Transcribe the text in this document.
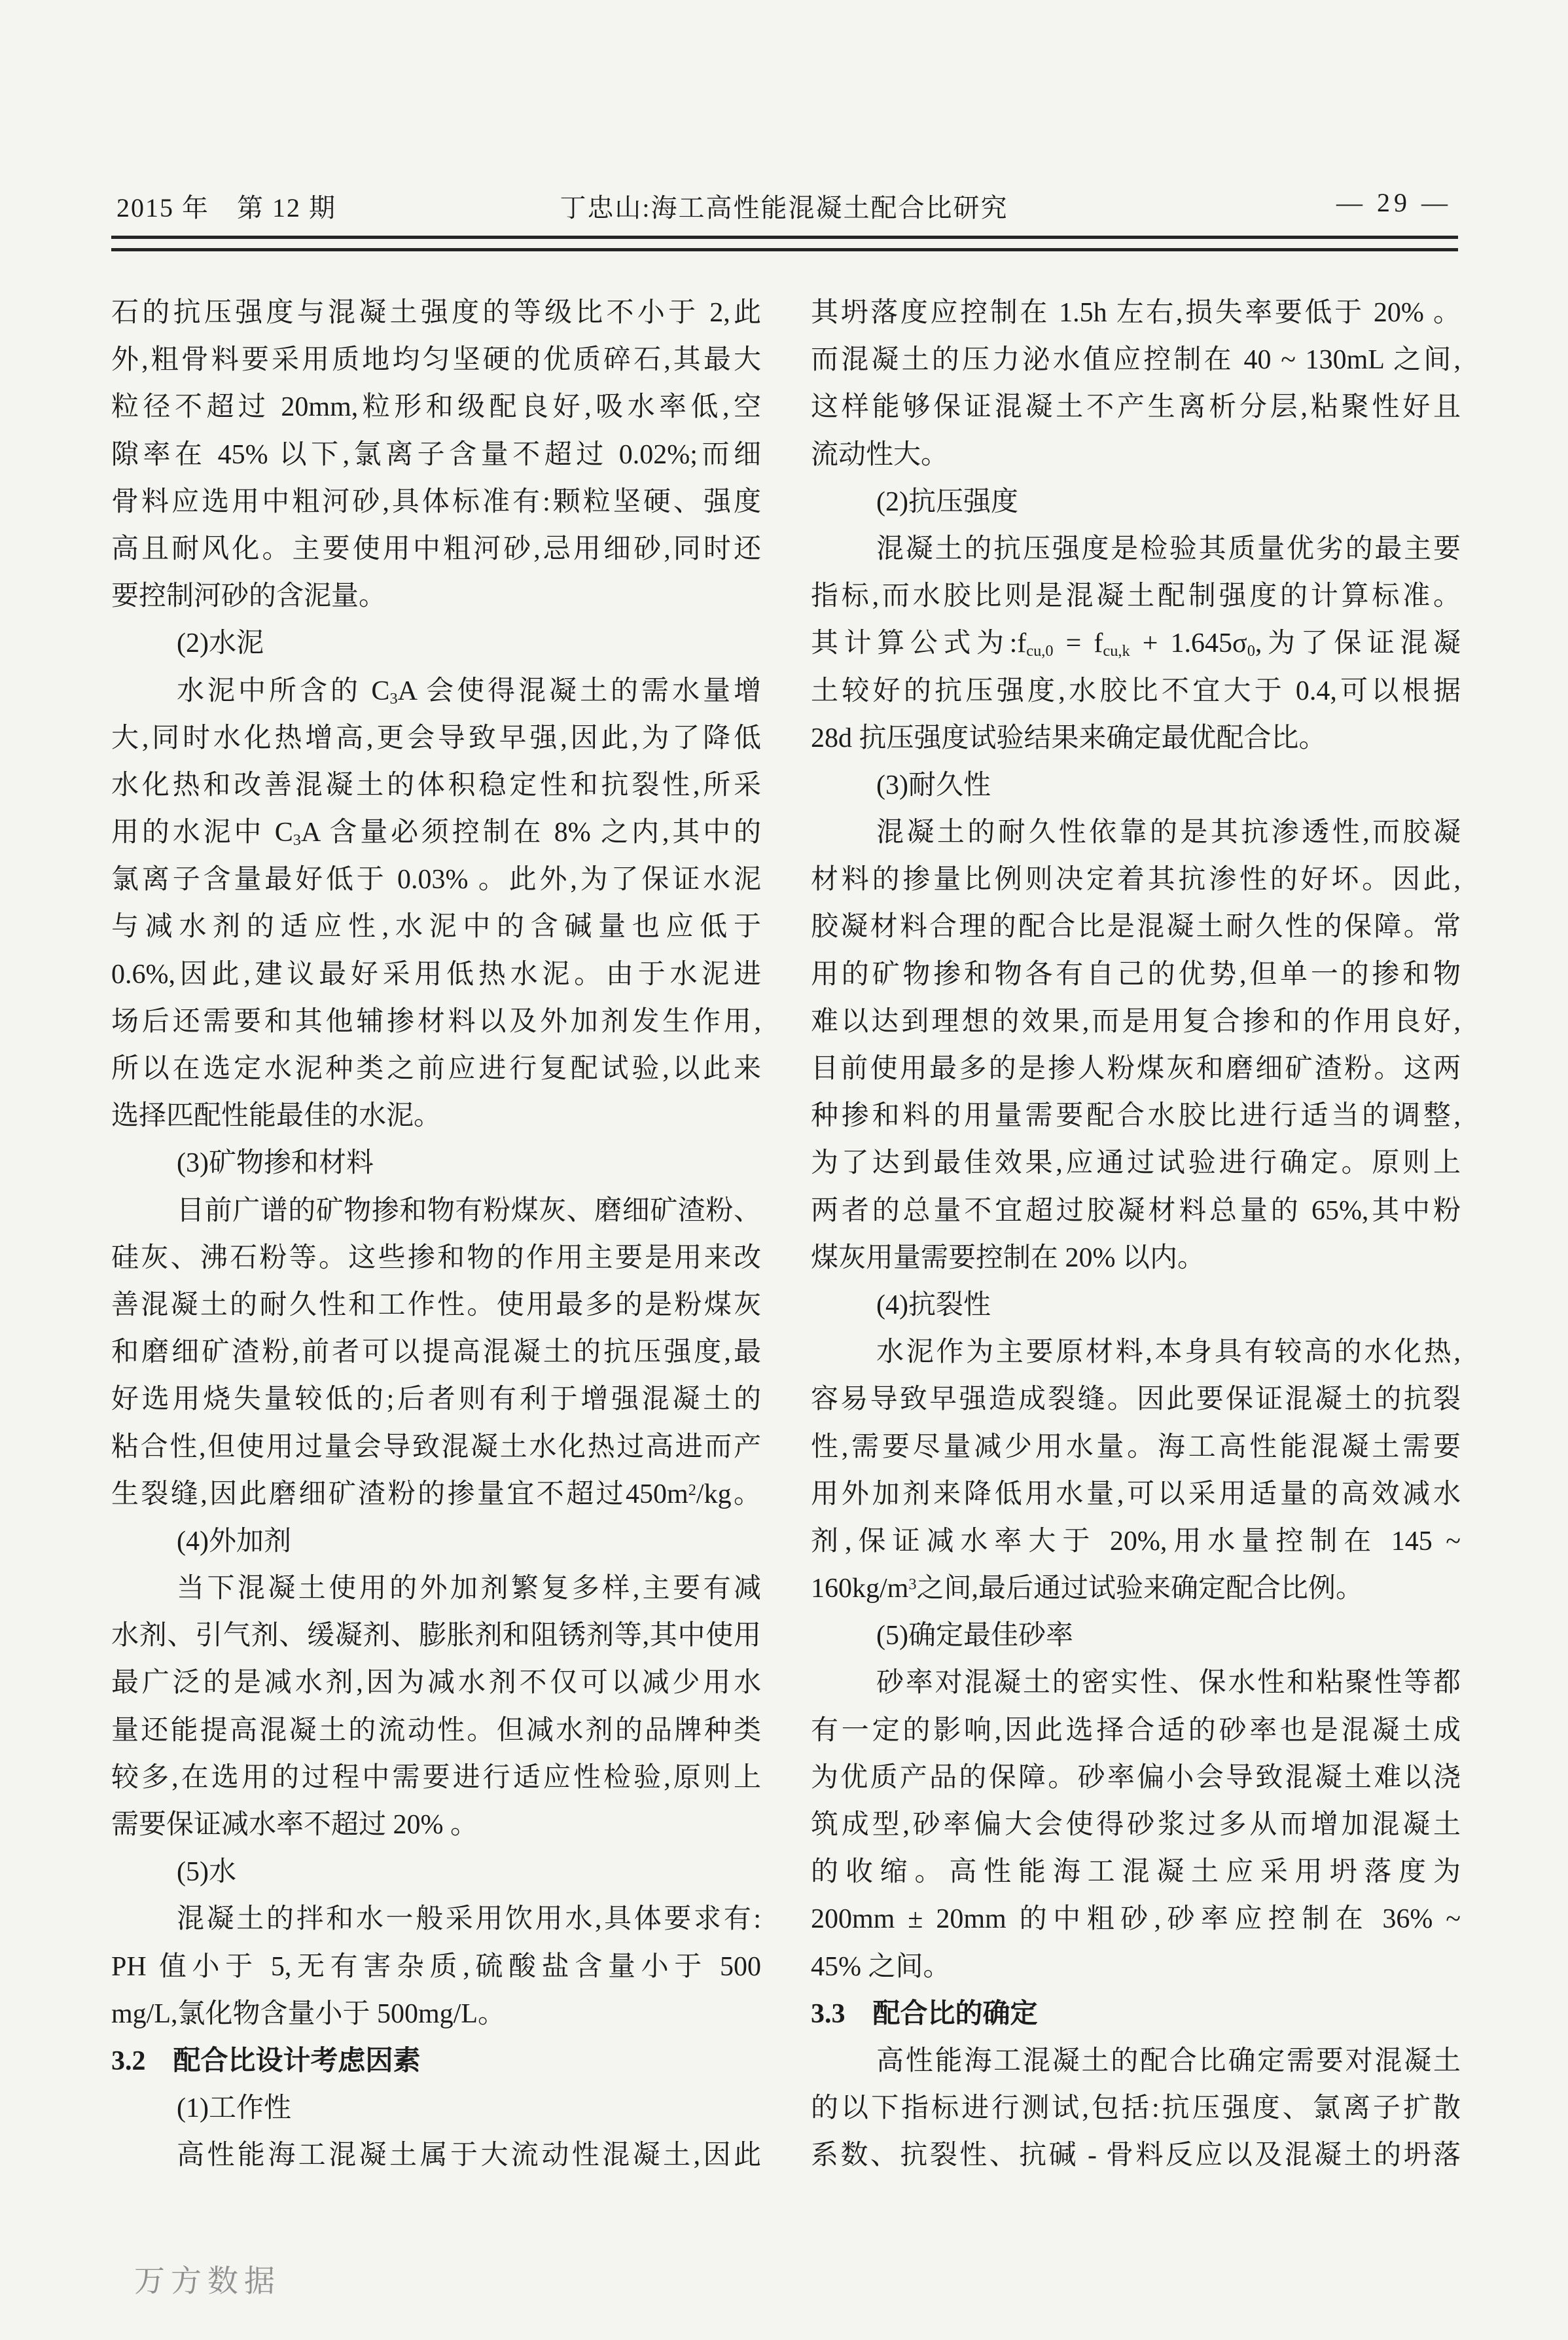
2015 年　第 12 期	丁忠山:海工高性能混凝土配合比研究	— 29 —
石的抗压强度与混凝土强度的等级比不小于 2,此
外,粗骨料要采用质地均匀坚硬的优质碎石,其最大
粒径不超过 20mm,粒形和级配良好,吸水率低,空
隙率在 45% 以下,氯离子含量不超过 0.02%;而细
骨料应选用中粗河砂,具体标准有:颗粒坚硬、强度
高且耐风化。主要使用中粗河砂,忌用细砂,同时还
要控制河砂的含泥量。
(2)水泥
水泥中所含的 $C_3A$ 会使得混凝土的需水量增
大,同时水化热增高,更会导致早强,因此,为了降低
水化热和改善混凝土的体积稳定性和抗裂性,所采
用的水泥中 $C_3A$ 含量必须控制在 8% 之内,其中的
氯离子含量最好低于 0.03% 。此外,为了保证水泥
与减水剂的适应性,水泥中的含碱量也应低于
0.6%,因此,建议最好采用低热水泥。由于水泥进
场后还需要和其他辅掺材料以及外加剂发生作用,
所以在选定水泥种类之前应进行复配试验,以此来
选择匹配性能最佳的水泥。
(3)矿物掺和材料
目前广谱的矿物掺和物有粉煤灰、磨细矿渣粉、
硅灰、沸石粉等。这些掺和物的作用主要是用来改
善混凝土的耐久性和工作性。使用最多的是粉煤灰
和磨细矿渣粉,前者可以提高混凝土的抗压强度,最
好选用烧失量较低的;后者则有利于增强混凝土的
粘合性,但使用过量会导致混凝土水化热过高进而产
生裂缝,因此磨细矿渣粉的掺量宜不超过$450m^2/kg$。
(4)外加剂
当下混凝土使用的外加剂繁复多样,主要有减
水剂、引气剂、缓凝剂、膨胀剂和阻锈剂等,其中使用
最广泛的是减水剂,因为减水剂不仅可以减少用水
量还能提高混凝土的流动性。但减水剂的品牌种类
较多,在选用的过程中需要进行适应性检验,原则上
需要保证减水率不超过 20% 。
(5)水
混凝土的拌和水一般采用饮用水,具体要求有:
PH 值小于 5,无有害杂质,硫酸盐含量小于 500
mg/L,氯化物含量小于 500mg/L。
3.2　配合比设计考虑因素
(1)工作性
高性能海工混凝土属于大流动性混凝土,因此
其坍落度应控制在 1.5h 左右,损失率要低于 20% 。
而混凝土的压力泌水值应控制在 40 ~ 130mL 之间,
这样能够保证混凝土不产生离析分层,粘聚性好且
流动性大。
(2)抗压强度
混凝土的抗压强度是检验其质量优劣的最主要
指标,而水胶比则是混凝土配制强度的计算标准。
其计算公式为$:f_{cu,0} = f_{cu,k} + 1.645\sigma_0$,为了保证混凝
土较好的抗压强度,水胶比不宜大于 0.4,可以根据
28d 抗压强度试验结果来确定最优配合比。
(3)耐久性
混凝土的耐久性依靠的是其抗渗透性,而胶凝
材料的掺量比例则决定着其抗渗性的好坏。因此,
胶凝材料合理的配合比是混凝土耐久性的保障。常
用的矿物掺和物各有自己的优势,但单一的掺和物
难以达到理想的效果,而是用复合掺和的作用良好,
目前使用最多的是掺人粉煤灰和磨细矿渣粉。这两
种掺和料的用量需要配合水胶比进行适当的调整,
为了达到最佳效果,应通过试验进行确定。原则上
两者的总量不宜超过胶凝材料总量的 65%,其中粉
煤灰用量需要控制在 20% 以内。
(4)抗裂性
水泥作为主要原材料,本身具有较高的水化热,
容易导致早强造成裂缝。因此要保证混凝土的抗裂
性,需要尽量减少用水量。海工高性能混凝土需要
用外加剂来降低用水量,可以采用适量的高效减水
剂,保证减水率大于 20%,用水量控制在 145 ~
$160kg/m^3$之间,最后通过试验来确定配合比例。
(5)确定最佳砂率
砂率对混凝土的密实性、保水性和粘聚性等都
有一定的影响,因此选择合适的砂率也是混凝土成
为优质产品的保障。砂率偏小会导致混凝土难以浇
筑成型,砂率偏大会使得砂浆过多从而增加混凝土
的收缩。高性能海工混凝土应采用坍落度为
200mm ± 20mm 的中粗砂,砂率应控制在 36% ~
45% 之间。
3.3　配合比的确定
高性能海工混凝土的配合比确定需要对混凝土
的以下指标进行测试,包括:抗压强度、氯离子扩散
系数、抗裂性、抗碱 - 骨料反应以及混凝土的坍落
万方数据
